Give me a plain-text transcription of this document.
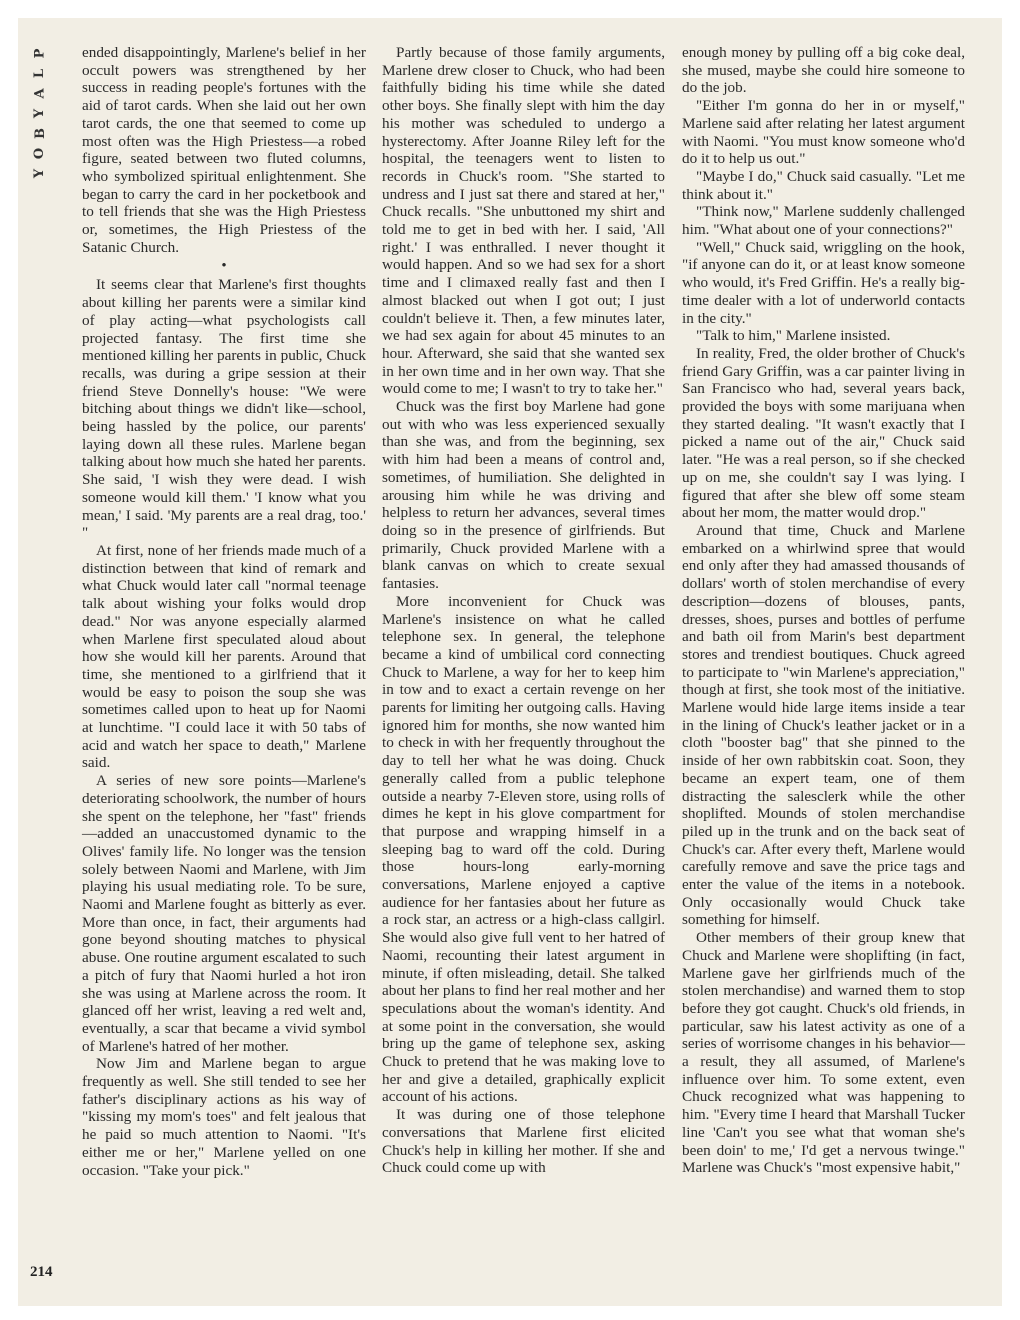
P
L
A
Y
B
O
Y

ended disappointingly, Marlene's belief in her occult powers was strengthened by her success in reading people's fortunes with the aid of tarot cards. When she laid out her own tarot cards, the one that seemed to come up most often was the High Priestess—a robed figure, seated between two fluted columns, who symbolized spiritual enlightenment. She began to carry the card in her pocketbook and to tell friends that she was the High Priestess or, sometimes, the High Priestess of the Satanic Church.

•

It seems clear that Marlene's first thoughts about killing her parents were a similar kind of play acting—what psychologists call projected fantasy. The first time she mentioned killing her parents in public, Chuck recalls, was during a gripe session at their friend Steve Donnelly's house: "We were bitching about things we didn't like—school, being hassled by the police, our parents' laying down all these rules. Marlene began talking about how much she hated her parents. She said, 'I wish they were dead. I wish someone would kill them.' 'I know what you mean,' I said. 'My parents are a real drag, too.' "

At first, none of her friends made much of a distinction between that kind of remark and what Chuck would later call "normal teenage talk about wishing your folks would drop dead." Nor was anyone especially alarmed when Marlene first speculated aloud about how she would kill her parents. Around that time, she mentioned to a girlfriend that it would be easy to poison the soup she was sometimes called upon to heat up for Naomi at lunchtime. "I could lace it with 50 tabs of acid and watch her space to death," Marlene said.

A series of new sore points—Marlene's deteriorating schoolwork, the number of hours she spent on the telephone, her "fast" friends—added an unaccustomed dynamic to the Olives' family life. No longer was the tension solely between Naomi and Marlene, with Jim playing his usual mediating role. To be sure, Naomi and Marlene fought as bitterly as ever. More than once, in fact, their arguments had gone beyond shouting matches to physical abuse. One routine argument escalated to such a pitch of fury that Naomi hurled a hot iron she was using at Marlene across the room. It glanced off her wrist, leaving a red welt and, eventually, a scar that became a vivid symbol of Marlene's hatred of her mother.

Now Jim and Marlene began to argue frequently as well. She still tended to see her father's disciplinary actions as his way of "kissing my mom's toes" and felt jealous that he paid so much attention to Naomi. "It's either me or her," Marlene yelled on one occasion. "Take your pick."

Partly because of those family arguments, Marlene drew closer to Chuck, who had been faithfully biding his time while she dated other boys. She finally slept with him the day his mother was scheduled to undergo a hysterectomy. After Joanne Riley left for the hospital, the teenagers went to listen to records in Chuck's room. "She started to undress and I just sat there and stared at her," Chuck recalls. "She unbuttoned my shirt and told me to get in bed with her. I said, 'All right.' I was enthralled. I never thought it would happen. And so we had sex for a short time and I climaxed really fast and then I almost blacked out when I got out; I just couldn't believe it. Then, a few minutes later, we had sex again for about 45 minutes to an hour. Afterward, she said that she wanted sex in her own time and in her own way. That she would come to me; I wasn't to try to take her."

Chuck was the first boy Marlene had gone out with who was less experienced sexually than she was, and from the beginning, sex with him had been a means of control and, sometimes, of humiliation. She delighted in arousing him while he was driving and helpless to return her advances, several times doing so in the presence of girlfriends. But primarily, Chuck provided Marlene with a blank canvas on which to create sexual fantasies.

More inconvenient for Chuck was Marlene's insistence on what he called telephone sex. In general, the telephone became a kind of umbilical cord connecting Chuck to Marlene, a way for her to keep him in tow and to exact a certain revenge on her parents for limiting her outgoing calls. Having ignored him for months, she now wanted him to check in with her frequently throughout the day to tell her what he was doing. Chuck generally called from a public telephone outside a nearby 7-Eleven store, using rolls of dimes he kept in his glove compartment for that purpose and wrapping himself in a sleeping bag to ward off the cold. During those hours-long early-morning conversations, Marlene enjoyed a captive audience for her fantasies about her future as a rock star, an actress or a high-class callgirl. She would also give full vent to her hatred of Naomi, recounting their latest argument in minute, if often misleading, detail. She talked about her plans to find her real mother and her speculations about the woman's identity. And at some point in the conversation, she would bring up the game of telephone sex, asking Chuck to pretend that he was making love to her and give a detailed, graphically explicit account of his actions.

It was during one of those telephone conversations that Marlene first elicited Chuck's help in killing her mother. If she and Chuck could come up with

enough money by pulling off a big coke deal, she mused, maybe she could hire someone to do the job.

"Either I'm gonna do her in or myself," Marlene said after relating her latest argument with Naomi. "You must know someone who'd do it to help us out."

"Maybe I do," Chuck said casually. "Let me think about it."

"Think now," Marlene suddenly challenged him. "What about one of your connections?"

"Well," Chuck said, wriggling on the hook, "if anyone can do it, or at least know someone who would, it's Fred Griffin. He's a really big-time dealer with a lot of underworld contacts in the city."

"Talk to him," Marlene insisted.

In reality, Fred, the older brother of Chuck's friend Gary Griffin, was a car painter living in San Francisco who had, several years back, provided the boys with some marijuana when they started dealing. "It wasn't exactly that I picked a name out of the air," Chuck said later. "He was a real person, so if she checked up on me, she couldn't say I was lying. I figured that after she blew off some steam about her mom, the matter would drop."

Around that time, Chuck and Marlene embarked on a whirlwind spree that would end only after they had amassed thousands of dollars' worth of stolen merchandise of every description—dozens of blouses, pants, dresses, shoes, purses and bottles of perfume and bath oil from Marin's best department stores and trendiest boutiques. Chuck agreed to participate to "win Marlene's appreciation," though at first, she took most of the initiative. Marlene would hide large items inside a tear in the lining of Chuck's leather jacket or in a cloth "booster bag" that she pinned to the inside of her own rabbitskin coat. Soon, they became an expert team, one of them distracting the salesclerk while the other shoplifted. Mounds of stolen merchandise piled up in the trunk and on the back seat of Chuck's car. After every theft, Marlene would carefully remove and save the price tags and enter the value of the items in a notebook. Only occasionally would Chuck take something for himself.

Other members of their group knew that Chuck and Marlene were shoplifting (in fact, Marlene gave her girlfriends much of the stolen merchandise) and warned them to stop before they got caught. Chuck's old friends, in particular, saw his latest activity as one of a series of worrisome changes in his behavior—a result, they all assumed, of Marlene's influence over him. To some extent, even Chuck recognized what was happening to him. "Every time I heard that Marshall Tucker line 'Can't you see what that woman she's been doin' to me,' I'd get a nervous twinge." Marlene was Chuck's "most expensive habit,"

214
